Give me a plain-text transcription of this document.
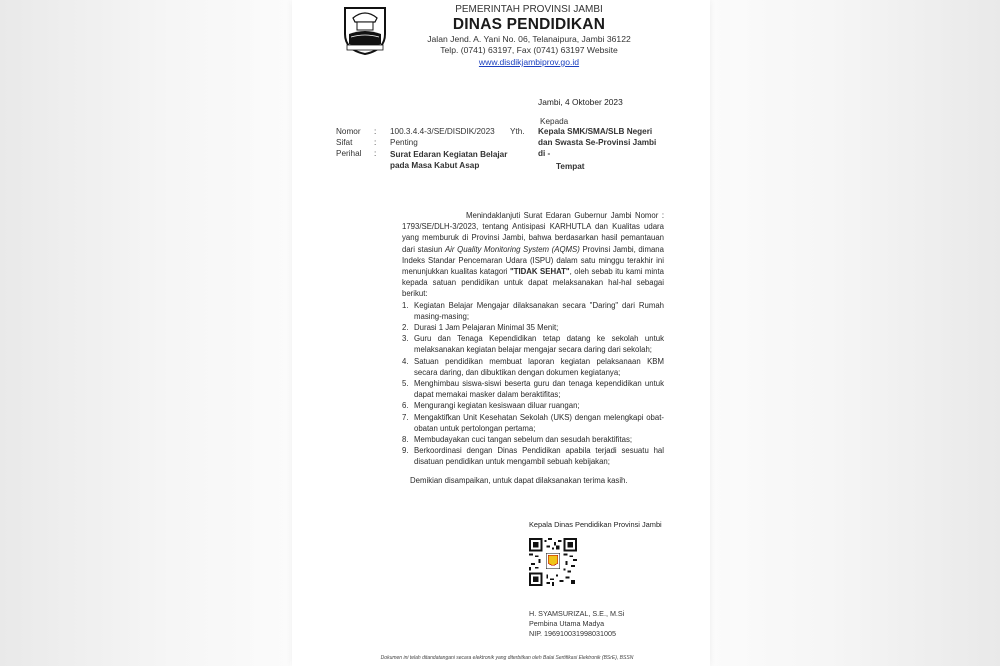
PEMERINTAH PROVINSI JAMBI
DINAS PENDIDIKAN
Jalan Jend. A. Yani No. 06, Telanaipura, Jambi 36122
Telp. (0741) 63197, Fax (0741) 63197 Website
www.disdikjambiprov.go.id
Jambi, 4 Oktober 2023
Nomor : 100.3.4.4-3/SE/DISDIK/2023
Sifat	: Penting
Perihal : Surat Edaran Kegiatan Belajar pada Masa Kabut Asap
Kepada
Yth. Kepala SMK/SMA/SLB Negeri
dan Swasta Se-Provinsi Jambi
di -
Tempat

Menindaklanjuti Surat Edaran Gubernur Jambi Nomor : 1793/SE/DLH-3/2023, tentang Antisipasi KARHUTLA dan Kualitas udara yang memburuk di Provinsi Jambi, bahwa berdasarkan hasil pemantauan dari stasiun Air Quality Monitoring System (AQMS) Provinsi Jambi, dimana Indeks Standar Pencemaran Udara (ISPU) dalam satu minggu terakhir ini menunjukkan kualitas katagori "TIDAK SEHAT", oleh sebab itu kami minta kepada satuan pendidikan untuk dapat melaksanakan hal-hal sebagai berikut:

1. Kegiatan Belajar Mengajar dilaksanakan secara "Daring" dari Rumah masing-masing;
2. Durasi 1 Jam Pelajaran Minimal 35 Menit;
3. Guru dan Tenaga Kependidikan tetap datang ke sekolah untuk melaksanakan kegiatan belajar mengajar secara daring dari sekolah;
4. Satuan pendidikan membuat laporan kegiatan pelaksanaan KBM secara daring, dan dibuktikan dengan dokumen kegiatanya;
5. Menghimbau siswa-siswi beserta guru dan tenaga kependidikan untuk dapat memakai masker dalam beraktifitas;
6. Mengurangi kegiatan kesiswaan diluar ruangan;
7. Mengaktifkan Unit Kesehatan Sekolah (UKS) dengan melengkapi obat-obatan untuk pertolongan pertama;
8. Membudayakan cuci tangan sebelum dan sesudah beraktifitas;
9. Berkoordinasi dengan Dinas Pendidikan apabila terjadi sesuatu hal disatuan pendidikan untuk mengambil sebuah kebijakan;
Demikian disampaikan, untuk dapat dilaksanakan terima kasih.
Kepala Dinas Pendidikan Provinsi Jambi
H. SYAMSURIZAL, S.E., M.Si
Pembina Utama Madya
NIP. 196910031998031005
Dokumen ini telah ditandatangani secara elektronik yang diterbitkan oleh Balai Sertifikasi Elektronik (BSrE), BSSN
